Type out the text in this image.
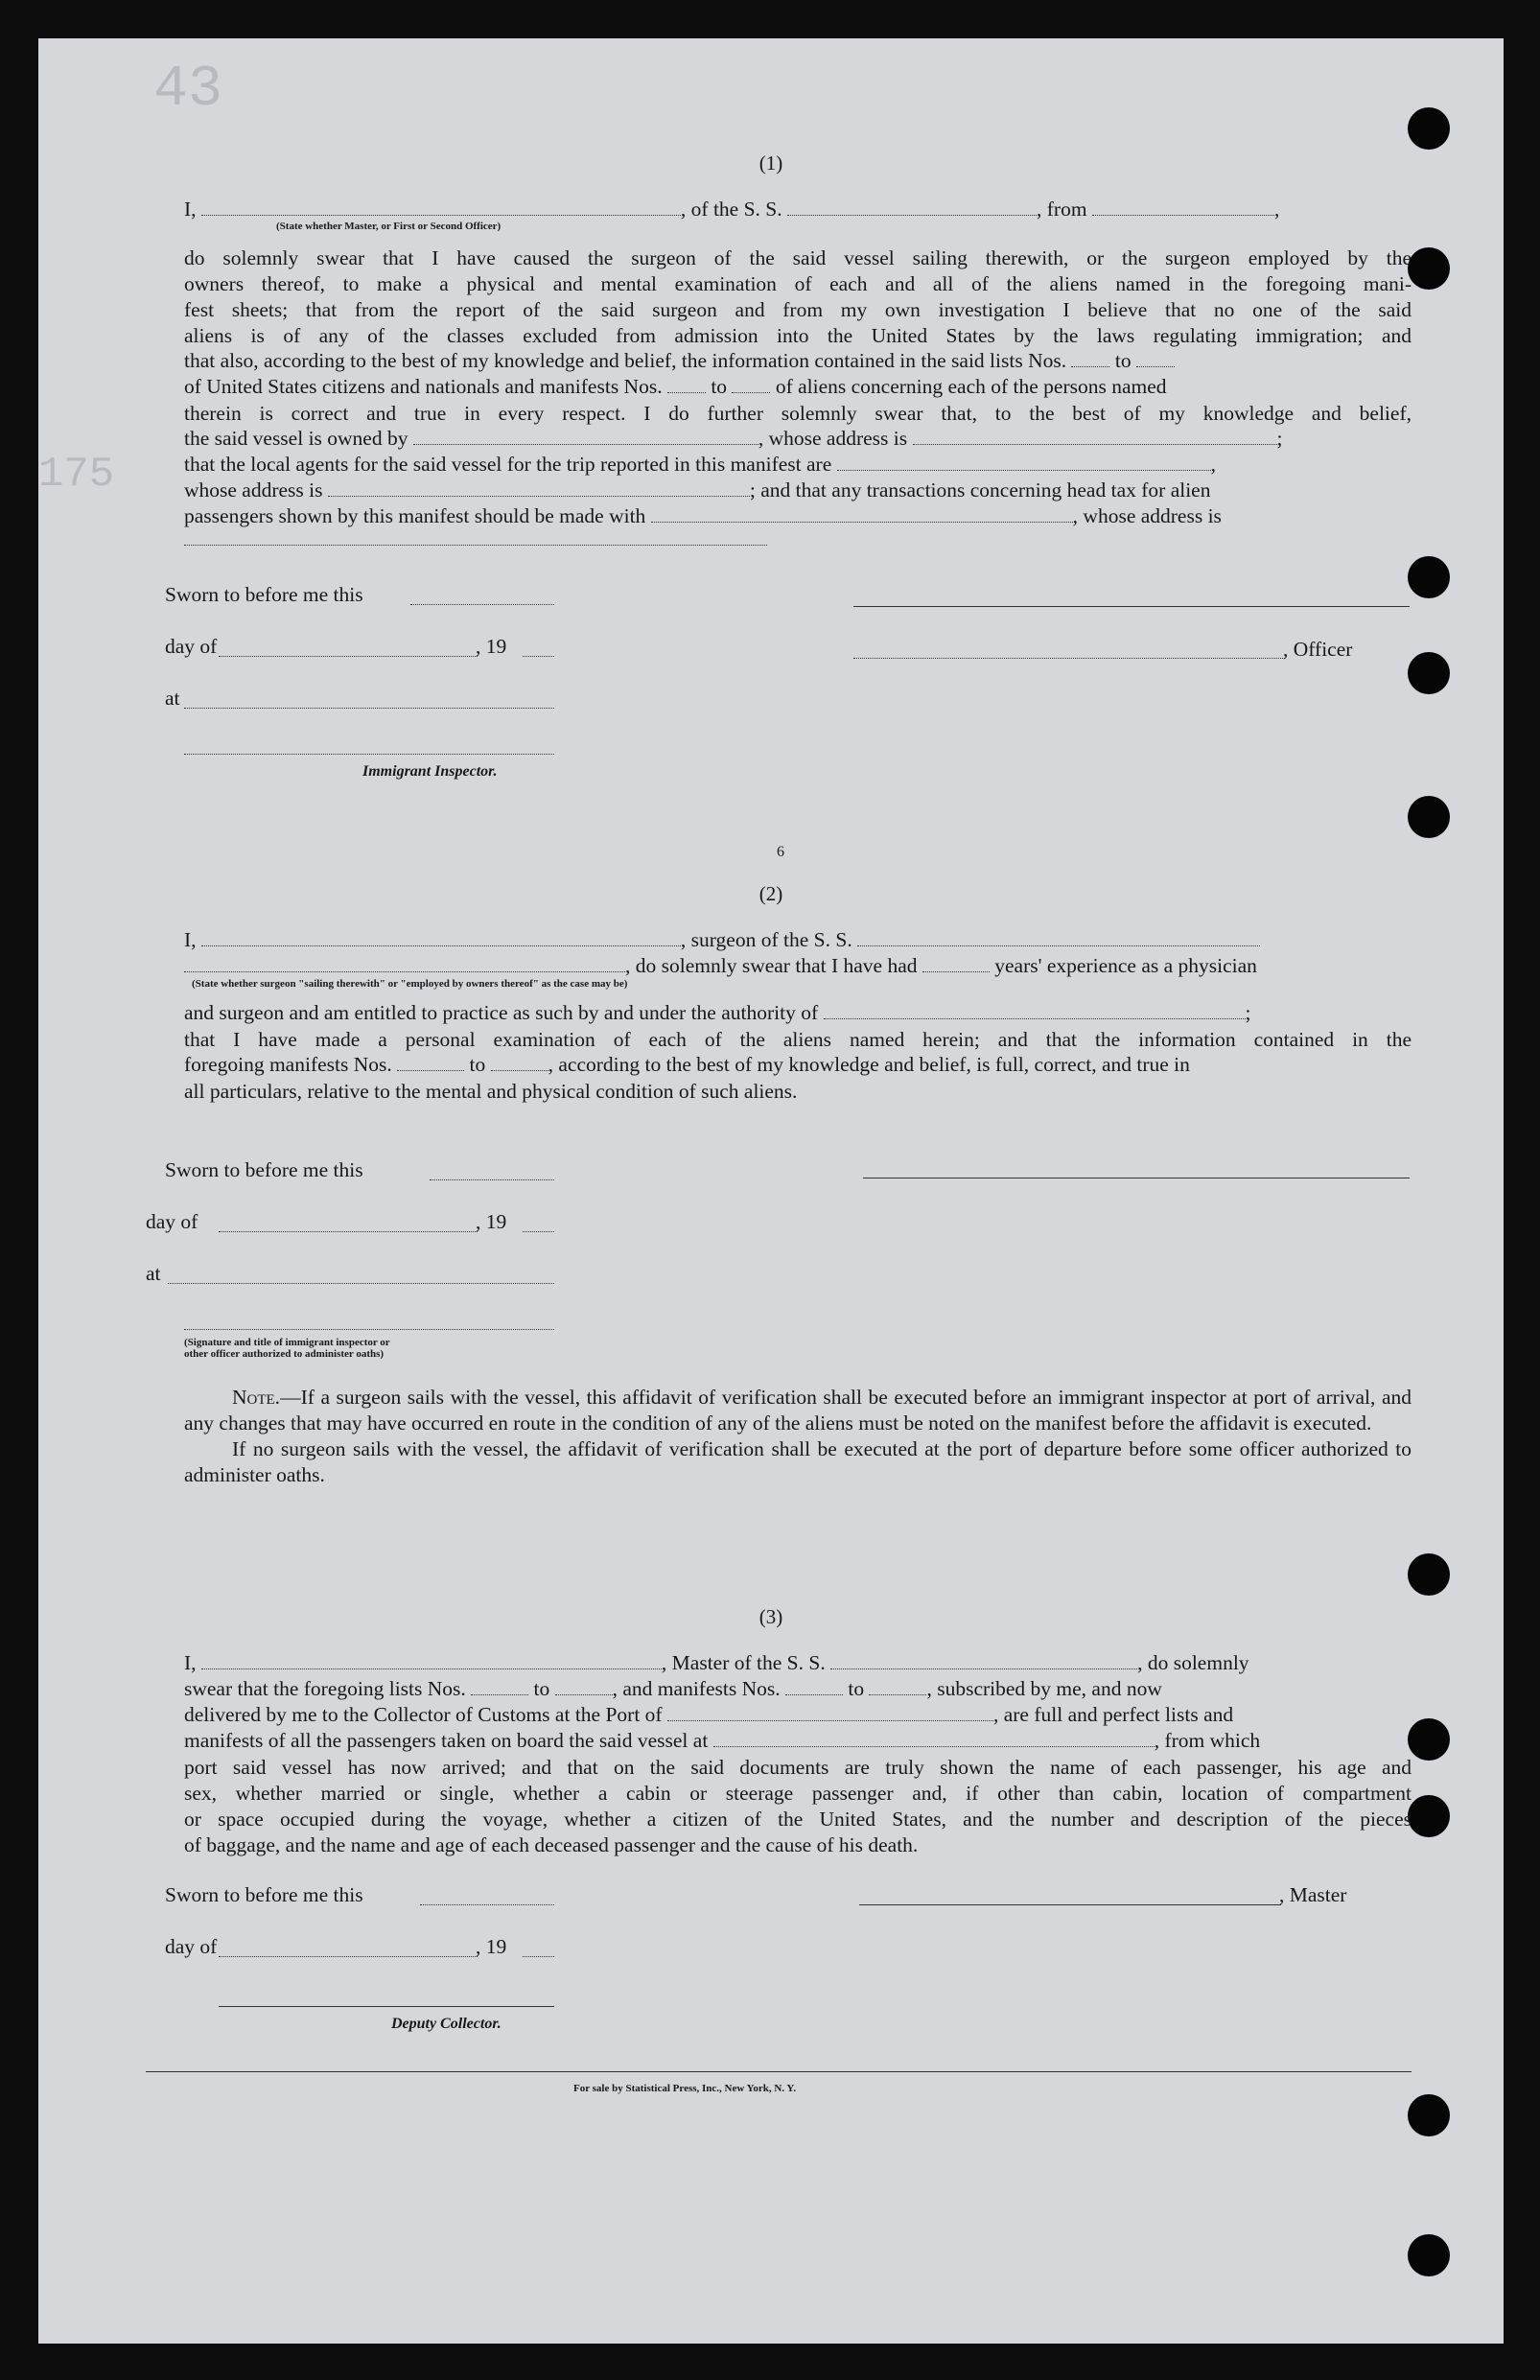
43
175
(1)
I,	, of the S. S.	, from	,
(State whether Master, or First or Second Officer)
do solemnly swear that I have caused the surgeon of the said vessel sailing therewith, or the surgeon employed by the
owners thereof, to make a physical and mental examination of each and all of the aliens named in the foregoing mani-
fest sheets; that from the report of the said surgeon and from my own investigation I believe that no one of the said
aliens is of any of the classes excluded from admission into the United States by the laws regulating immigration; and
that also, according to the best of my knowledge and belief, the information contained in the said lists Nos. to
of United States citizens and nationals and manifests Nos. to of aliens concerning each of the persons named
therein is correct and true in every respect. I do further solemnly swear that, to the best of my knowledge and belief,
the said vessel is owned by	, whose address is	;
that the local agents for the said vessel for the trip reported in this manifest are	,
whose address is	; and that any transactions concerning head tax for alien
passengers shown by this manifest should be made with	, whose address is
Sworn to before me this
day of	, 19
at
Immigrant Inspector.
, Officer
6
(2)
I,	, surgeon of the S. S.
, do solemnly swear that I have had	years' experience as a physician
(State whether surgeon "sailing therewith" or "employed by owners thereof" as the case may be)
and surgeon and am entitled to practice as such by and under the authority of	;
that I have made a personal examination of each of the aliens named herein; and that the information contained in the
foregoing manifests Nos.	to	, according to the best of my knowledge and belief, is full, correct, and true in
all particulars, relative to the mental and physical condition of such aliens.
Sworn to before me this
day of	, 19
at
(Signature and title of immigrant inspector or
other officer authorized to administer oaths)

Note.—If a surgeon sails with the vessel, this affidavit of verification shall be executed before an immigrant inspector at port of arrival, and any changes that may have occurred en route in the condition of any of the aliens must be noted on the manifest before the affidavit is executed.

If no surgeon sails with the vessel, the affidavit of verification shall be executed at the port of departure before some officer authorized to administer oaths.

(3)
I,	, Master of the S. S.	, do solemnly
swear that the foregoing lists Nos.	to	, and manifests Nos.	to	, subscribed by me, and now
delivered by me to the Collector of Customs at the Port of	, are full and perfect lists and
manifests of all the passengers taken on board the said vessel at	, from which
port said vessel has now arrived; and that on the said documents are truly shown the name of each passenger, his age and
sex, whether married or single, whether a cabin or steerage passenger and, if other than cabin, location of compartment
or space occupied during the voyage, whether a citizen of the United States, and the number and description of the pieces
of baggage, and the name and age of each deceased passenger and the cause of his death.
Sworn to before me this
day of	, 19
Deputy Collector.
, Master
For sale by Statistical Press, Inc., New York, N. Y.
